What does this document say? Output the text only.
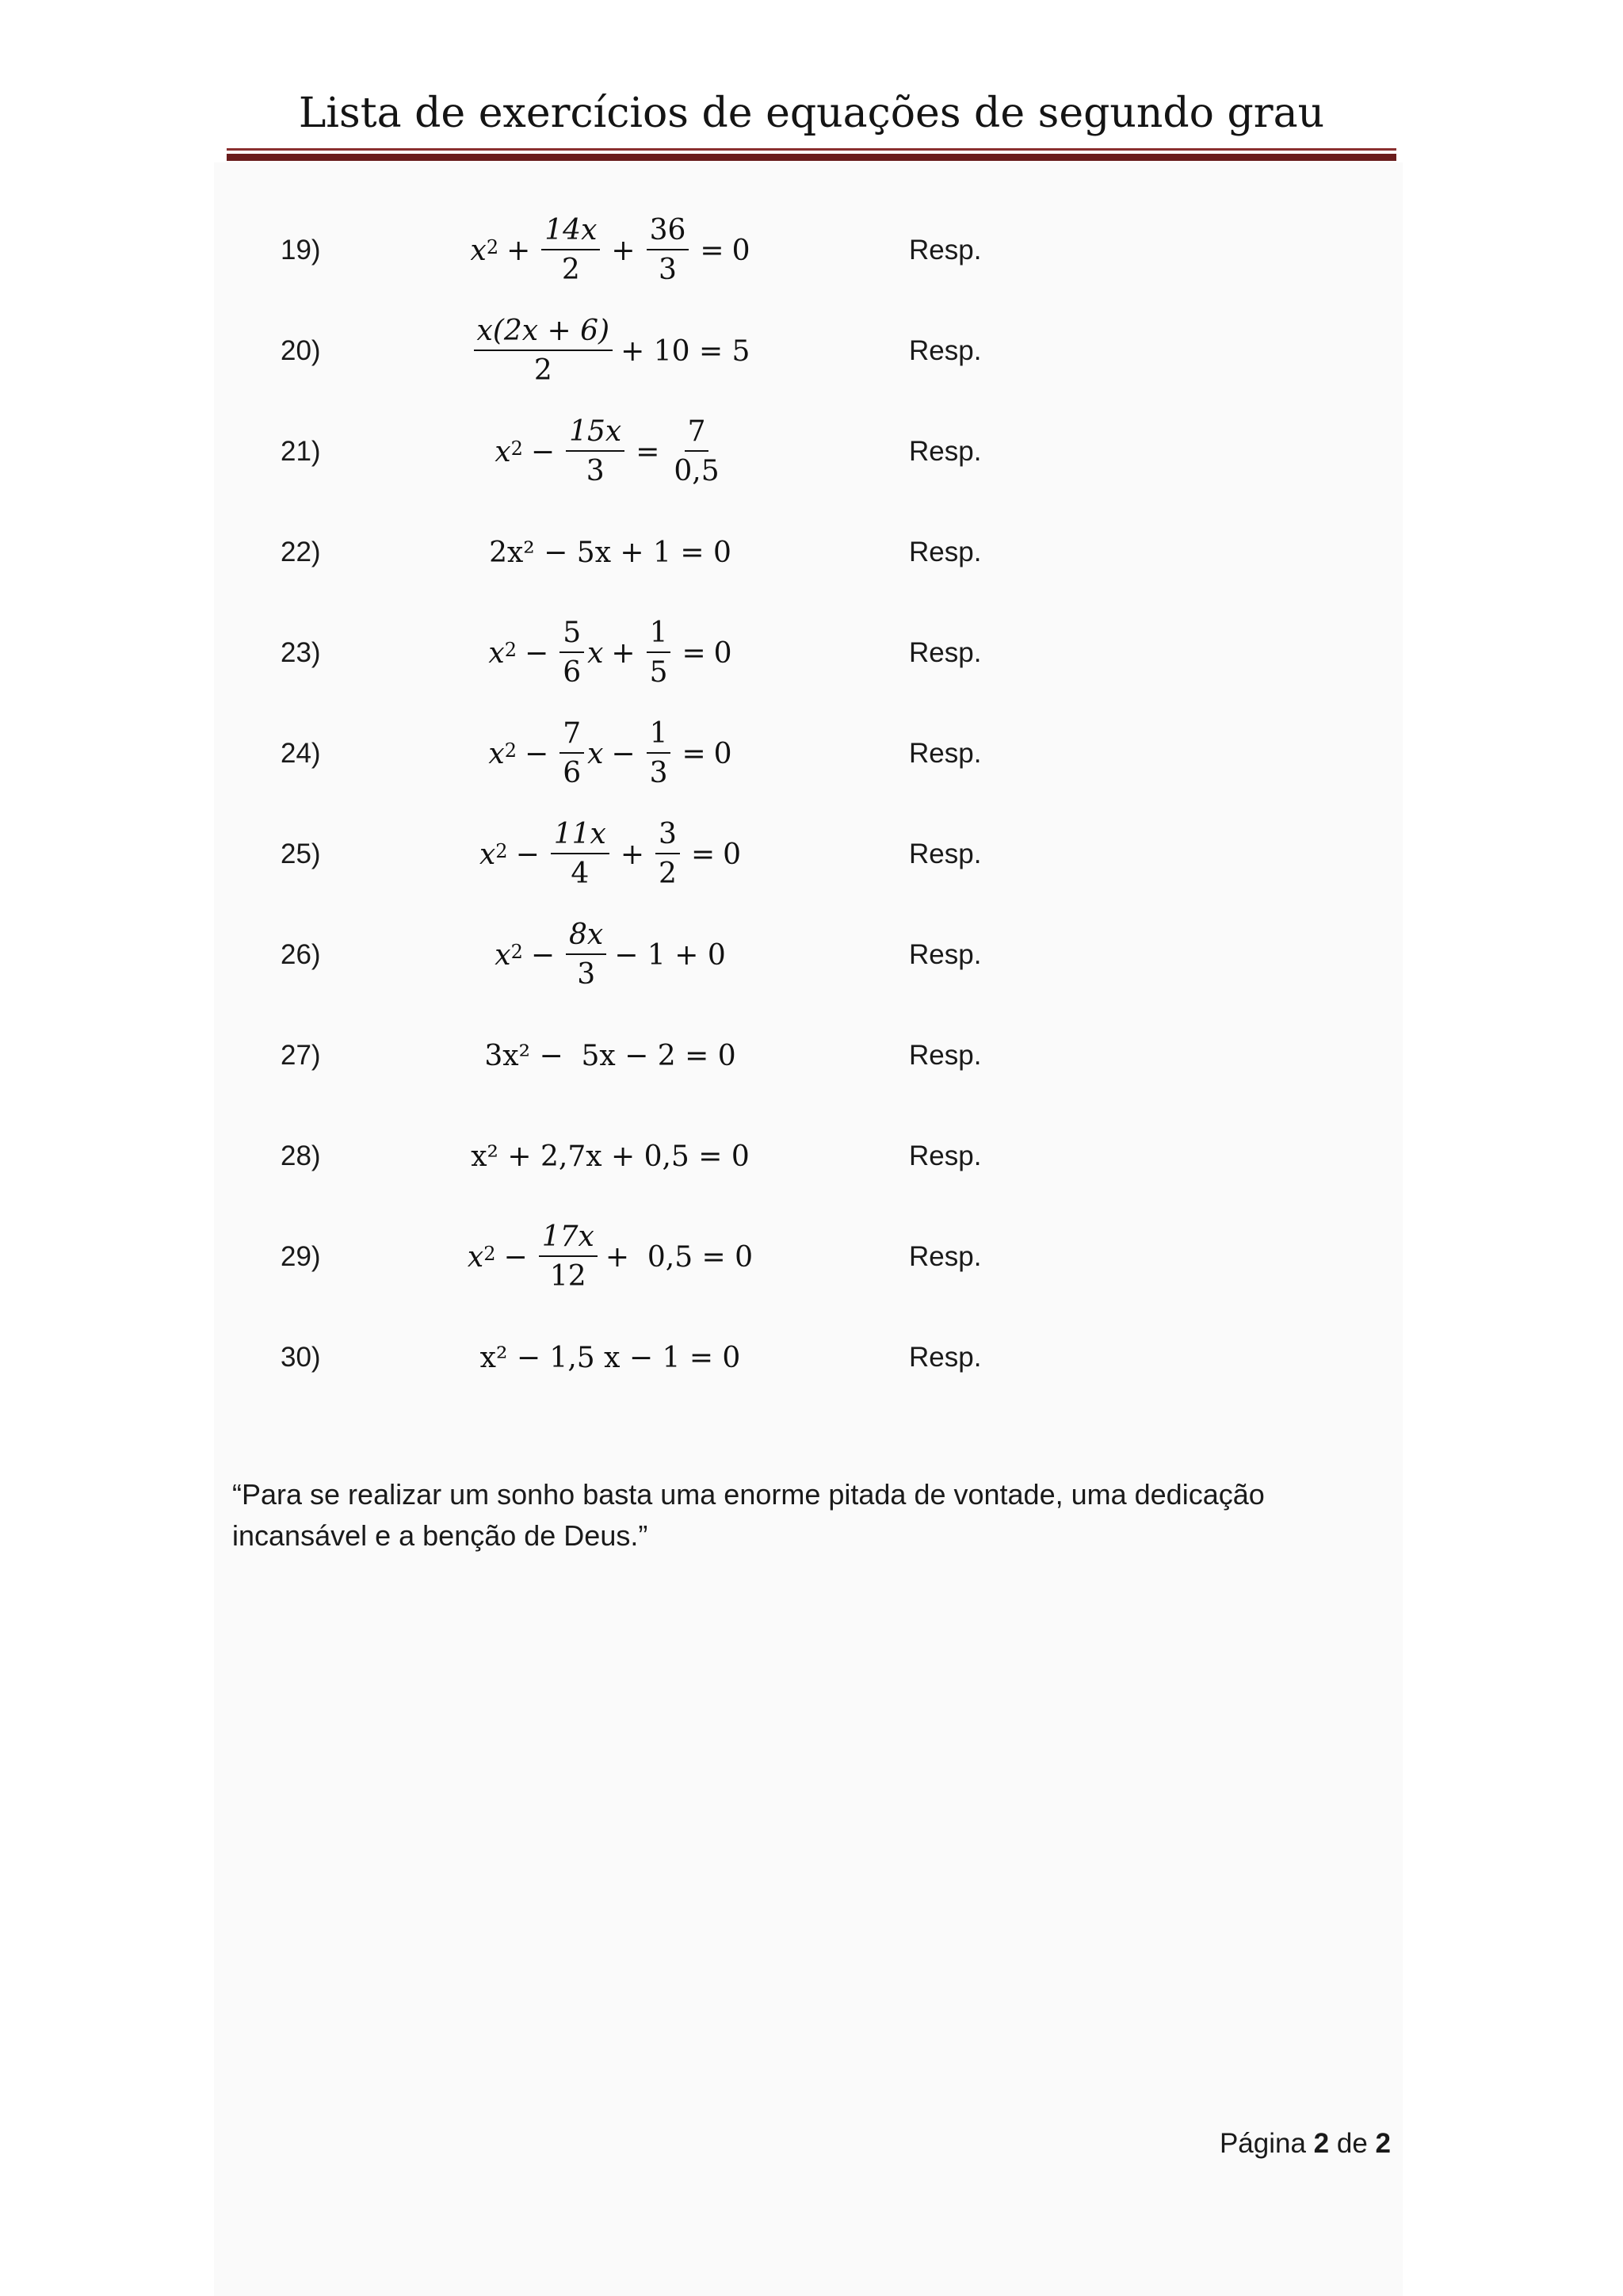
Lista de exercícios de equações de segundo grau
19)	$x^2 + \frac{14x}{2} + \frac{36}{3} = 0$	Resp.
20)	$\frac{x(2x + 6)}{2} + 10 = 5$	Resp.
21)	$x^2 - \frac{15x}{3} = \frac{7}{0,5}$	Resp.
22)	2x² − 5x + 1 = 0	Resp.
23)	$x^2 - \frac{5}{6}$ $x + \frac{1}{5} = 0$	Resp.
24)	$x^2 - \frac{7}{6}$ $x - \frac{1}{3} = 0$	Resp.
25)	$x^2 - \frac{11x}{4} + \frac{3}{2} = 0$	Resp.
26)	$x^2 - \frac{8x}{3} - 1 + 0$	Resp.
27)	3x² −  5x − 2 = 0	Resp.
28)	x² + 2,7x + 0,5 = 0	Resp.
29)	$x^2 - \frac{17x}{12} + 0,5 = 0$	Resp.
30)	x² − 1,5 x − 1 = 0	Resp.
“Para se realizar um sonho basta uma enorme pitada de vontade, uma dedicação incansável e a benção de Deus.”
Página 2 de 2
